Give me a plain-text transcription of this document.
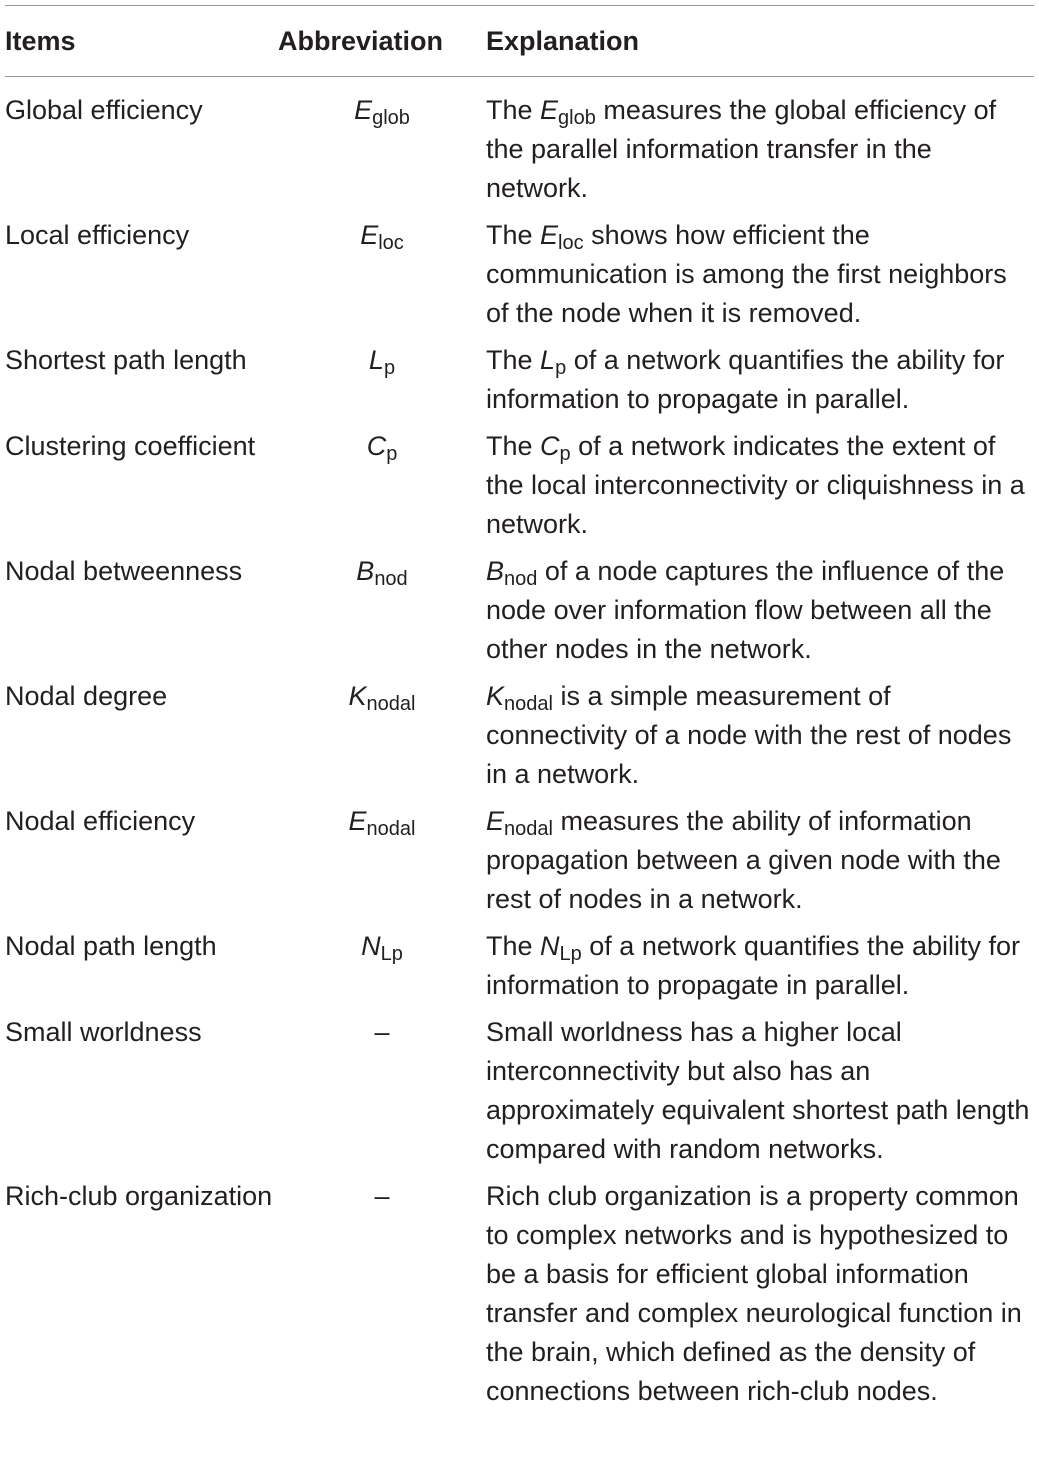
Items	Abbreviation	Explanation
Global efficiency	Eglob	The Eglob measures the global efficiency of the parallel information transfer in the network.
Local efficiency	Eloc	The Eloc shows how efficient the communication is among the first neighbors of the node when it is removed.
Shortest path length	Lp	The Lp of a network quantifies the ability for information to propagate in parallel.
Clustering coefficient	Cp	The Cp of a network indicates the extent of the local interconnectivity or cliquishness in a network.
Nodal betweenness	Bnod	Bnod of a node captures the influence of the node over information flow between all the other nodes in the network.
Nodal degree	Knodal	Knodal is a simple measurement of connectivity of a node with the rest of nodes in a network.
Nodal efficiency	Enodal	Enodal measures the ability of information propagation between a given node with the rest of nodes in a network.
Nodal path length	NLp	The NLp of a network quantifies the ability for information to propagate in parallel.
Small worldness	–	Small worldness has a higher local interconnectivity but also has an approximately equivalent shortest path length compared with random networks.
Rich-club organization	–	Rich club organization is a property common to complex networks and is hypothesized to be a basis for efficient global information transfer and complex neurological function in the brain, which defined as the density of connections between rich-club nodes.
